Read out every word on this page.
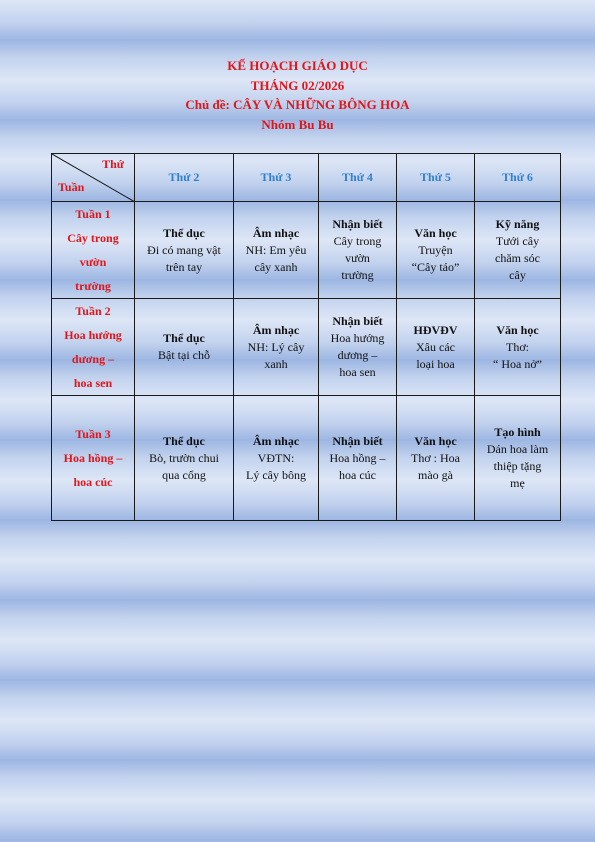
KẾ HOẠCH GIÁO DỤC
THÁNG 02/2026
Chủ đề: CÂY VÀ NHỮNG BÔNG HOA
Nhóm Bu Bu
Thứ
Tuần	Thứ 2	Thứ 3	Thứ 4	Thứ 5	Thứ 6

Tuần 1
Cây trong
vườn
trường	Thể dục
Đi có mang vật
trên tay	Âm nhạc
NH: Em yêu
cây xanh	Nhận biết
Cây trong
vườn
trường	Văn học
Truyện
“Cây táo”	Kỹ năng
Tưới cây
chăm sóc
cây

Tuần 2
Hoa hướng
dương –
hoa sen	Thể dục
Bật tại chỗ	Âm nhạc
NH: Lý cây
xanh	Nhận biết
Hoa hướng
dương –
hoa sen	HĐVĐV
Xâu các
loại hoa	Văn học
Thơ:
“ Hoa nở”

Tuần 3
Hoa hồng –
hoa cúc	Thể dục
Bò, trườn chui
qua cổng	Âm nhạc
VĐTN:
Lý cây bông	Nhận biết
Hoa hồng –
hoa cúc	Văn học
Thơ : Hoa
mào gà	Tạo hình
Dán hoa làm
thiệp tặng
mẹ
